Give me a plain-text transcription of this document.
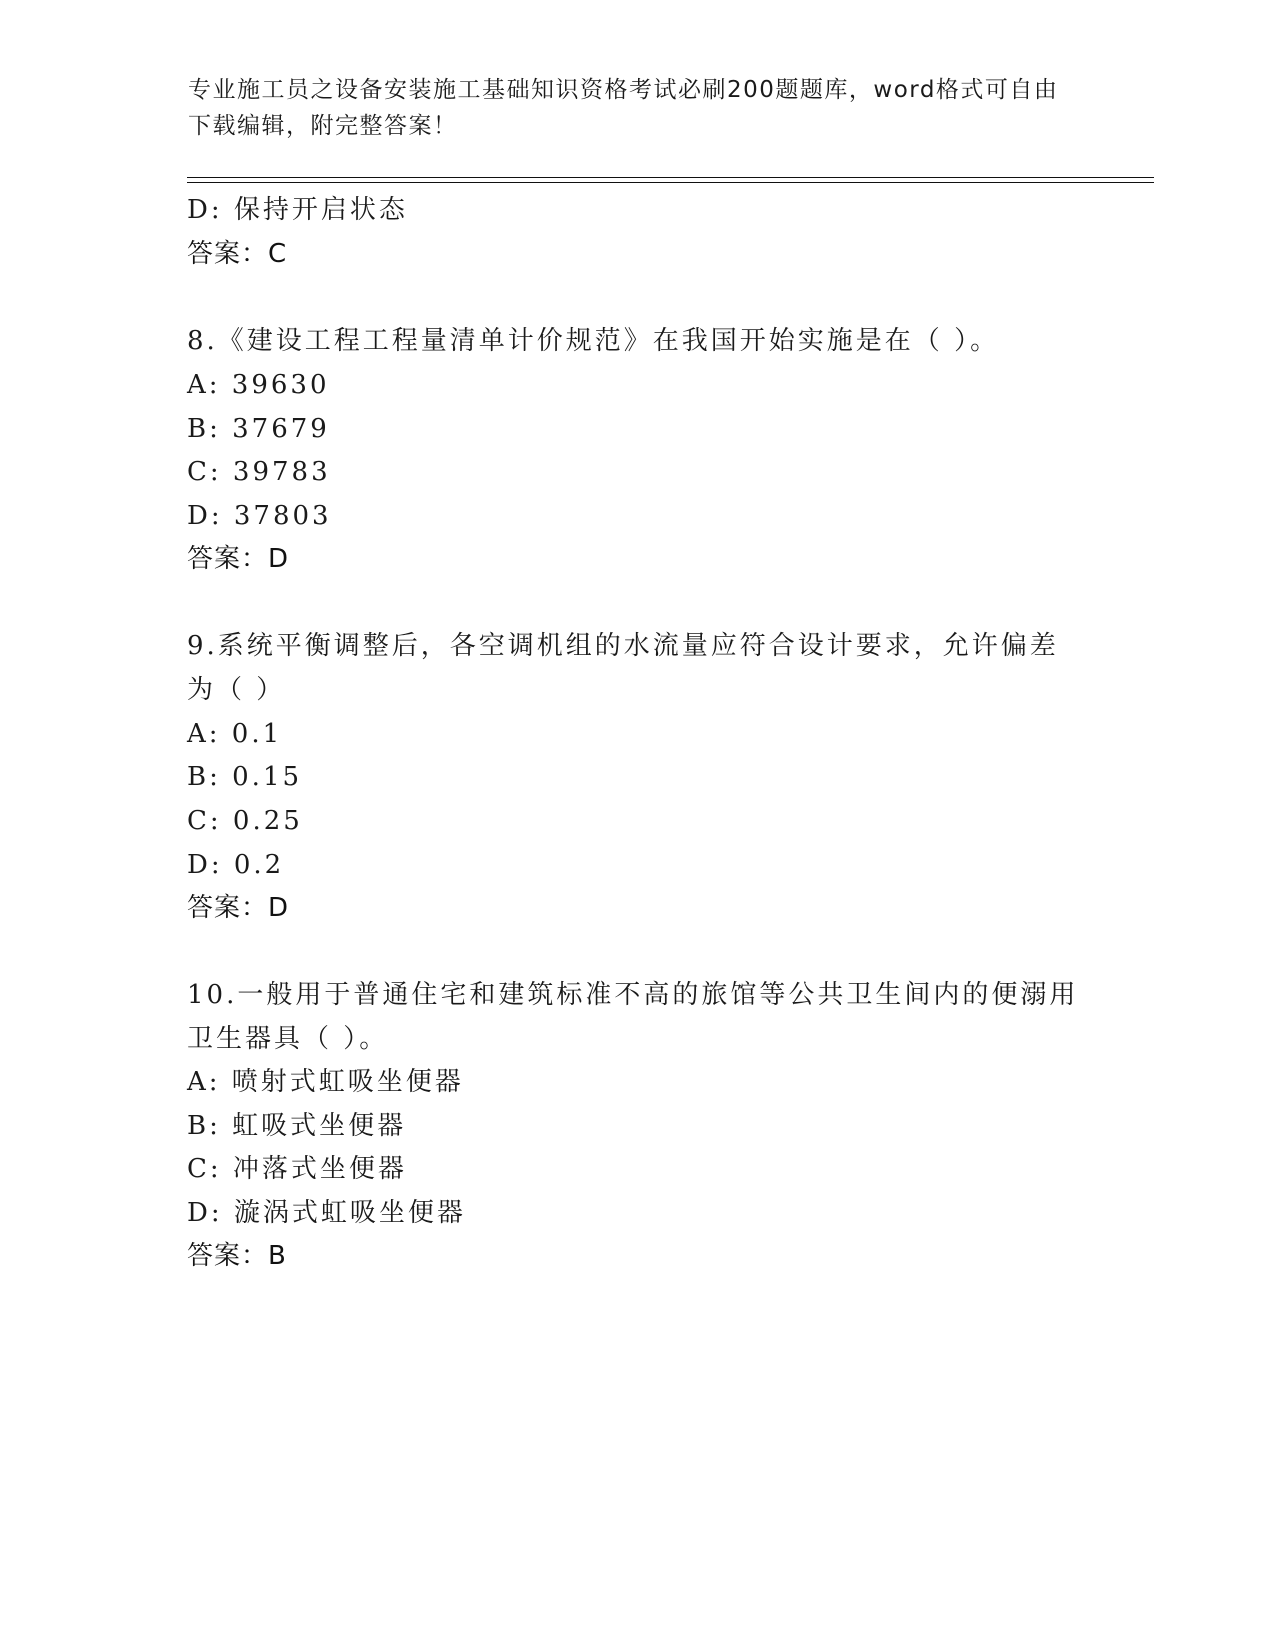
专业施工员之设备安装施工基础知识资格考试必刷200题题库，word格式可自由
下载编辑，附完整答案！
D: 保持开启状态
答案：C
8.《建设工程工程量清单计价规范》在我国开始实施是在（ ）。
A: 39630
B: 37679
C: 39783
D: 37803
答案：D
9.系统平衡调整后，各空调机组的水流量应符合设计要求，允许偏差
为（ ）
A: 0.1
B: 0.15
C: 0.25
D: 0.2
答案：D
10.一般用于普通住宅和建筑标准不高的旅馆等公共卫生间内的便溺用
卫生器具（ ）。
A: 喷射式虹吸坐便器
B: 虹吸式坐便器
C: 冲落式坐便器
D: 漩涡式虹吸坐便器
答案：B
